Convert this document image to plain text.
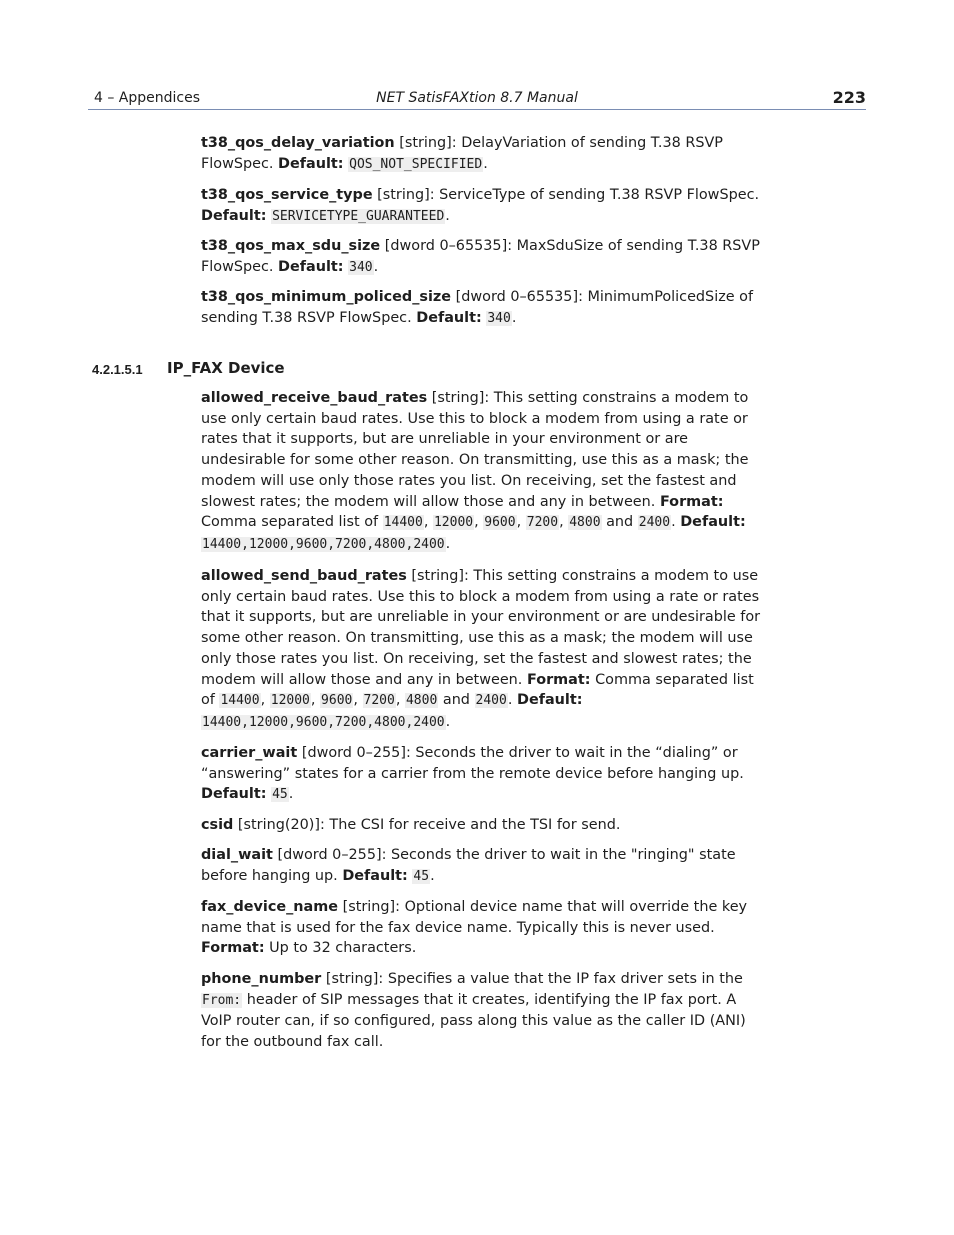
4 – Appendices	NET SatisFAXtion 8.7 Manual	223

t38_qos_delay_variation [string]: DelayVariation of sending T.38 RSVP FlowSpec. Default: QOS_NOT_SPECIFIED.

t38_qos_service_type [string]: ServiceType of sending T.38 RSVP FlowSpec. Default: SERVICETYPE_GUARANTEED.

t38_qos_max_sdu_size [dword 0–65535]: MaxSduSize of sending T.38 RSVP FlowSpec. Default: 340.

t38_qos_minimum_policed_size [dword 0–65535]: MinimumPolicedSize of sending T.38 RSVP FlowSpec. Default: 340.

4.2.1.5.1 IP_FAX Device

allowed_receive_baud_rates [string]: This setting constrains a modem to use only certain baud rates. Use this to block a modem from using a rate or rates that it supports, but are unreliable in your environment or are undesirable for some other reason. On transmitting, use this as a mask; the modem will use only those rates you list. On receiving, set the fastest and slowest rates; the modem will allow those and any in between. Format: Comma separated list of 14400, 12000, 9600, 7200, 4800 and 2400. Default: 14400,12000,9600,7200,4800,2400.

allowed_send_baud_rates [string]: This setting constrains a modem to use only certain baud rates. Use this to block a modem from using a rate or rates that it supports, but are unreliable in your environment or are undesirable for some other reason. On transmitting, use this as a mask; the modem will use only those rates you list. On receiving, set the fastest and slowest rates; the modem will allow those and any in between. Format: Comma separated list of 14400, 12000, 9600, 7200, 4800 and 2400. Default: 14400,12000,9600,7200,4800,2400.

carrier_wait [dword 0–255]: Seconds the driver to wait in the “dialing” or “answering” states for a carrier from the remote device before hanging up. Default: 45.

csid [string(20)]: The CSI for receive and the TSI for send.

dial_wait [dword 0–255]: Seconds the driver to wait in the "ringing" state before hanging up. Default: 45.

fax_device_name [string]: Optional device name that will override the key name that is used for the fax device name. Typically this is never used. Format: Up to 32 characters.

phone_number [string]: Specifies a value that the IP fax driver sets in the From: header of SIP messages that it creates, identifying the IP fax port. A VoIP router can, if so configured, pass along this value as the caller ID (ANI) for the outbound fax call.
